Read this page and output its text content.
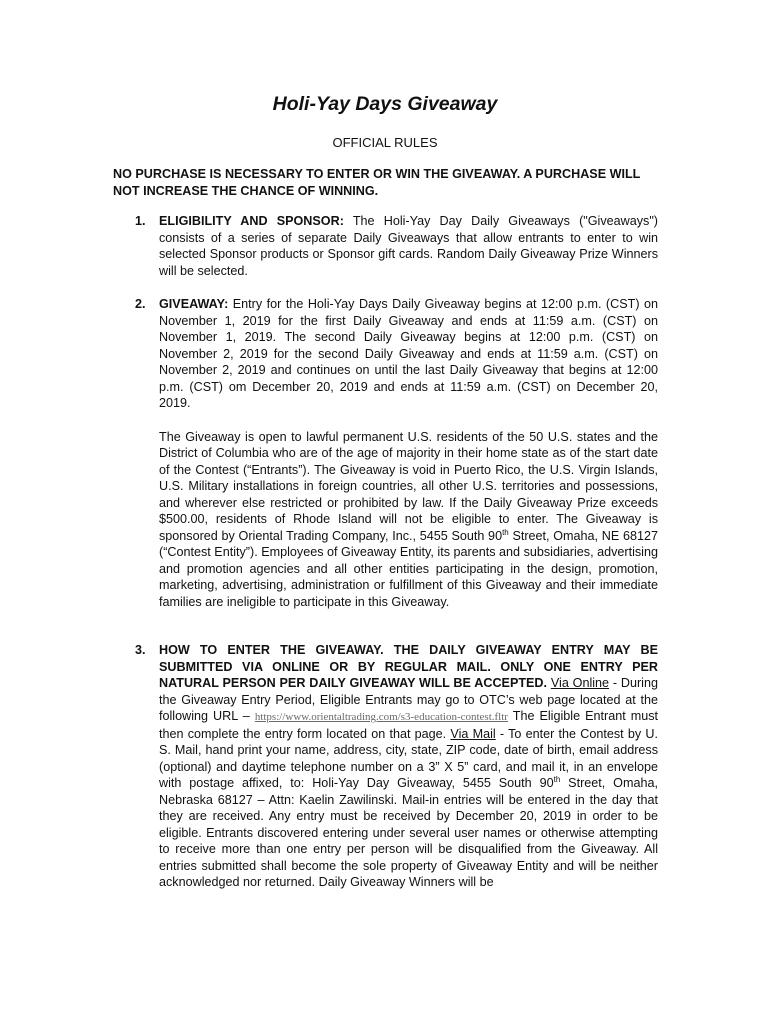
Holi-Yay Days Giveaway
OFFICIAL RULES
NO PURCHASE IS NECESSARY TO ENTER OR WIN THE GIVEAWAY. A PURCHASE WILL NOT INCREASE THE CHANCE OF WINNING.
1. ELIGIBILITY AND SPONSOR: The Holi-Yay Day Daily Giveaways ("Giveaways") consists of a series of separate Daily Giveaways that allow entrants to enter to win selected Sponsor products or Sponsor gift cards. Random Daily Giveaway Prize Winners will be selected.

2. GIVEAWAY: Entry for the Holi-Yay Days Daily Giveaway begins at 12:00 p.m. (CST) on November 1, 2019 for the first Daily Giveaway and ends at 11:59 a.m. (CST) on November 1, 2019. The second Daily Giveaway begins at 12:00 p.m. (CST) on November 2, 2019 for the second Daily Giveaway and ends at 11:59 a.m. (CST) on November 2, 2019 and continues on until the last Daily Giveaway that begins at 12:00 p.m. (CST) om December 20, 2019 and ends at 11:59 a.m. (CST) on December 20, 2019.

The Giveaway is open to lawful permanent U.S. residents of the 50 U.S. states and the District of Columbia who are of the age of majority in their home state as of the start date of the Contest (“Entrants”). The Giveaway is void in Puerto Rico, the U.S. Virgin Islands, U.S. Military installations in foreign countries, all other U.S. territories and possessions, and wherever else restricted or prohibited by law. If the Daily Giveaway Prize exceeds $500.00, residents of Rhode Island will not be eligible to enter. The Giveaway is sponsored by Oriental Trading Company, Inc., 5455 South 90th Street, Omaha, NE 68127 (“Contest Entity”). Employees of Giveaway Entity, its parents and subsidiaries, advertising and promotion agencies and all other entities participating in the design, promotion, marketing, advertising, administration or fulfillment of this Giveaway and their immediate families are ineligible to participate in this Giveaway.

3. HOW TO ENTER THE GIVEAWAY. THE DAILY GIVEAWAY ENTRY MAY BE SUBMITTED VIA ONLINE OR BY REGULAR MAIL. ONLY ONE ENTRY PER NATURAL PERSON PER DAILY GIVEAWAY WILL BE ACCEPTED. Via Online - During the Giveaway Entry Period, Eligible Entrants may go to OTC’s web page located at the following URL – https://www.orientaltrading.com/s3-education-contest.fltr The Eligible Entrant must then complete the entry form located on that page. Via Mail - To enter the Contest by U. S. Mail, hand print your name, address, city, state, ZIP code, date of birth, email address (optional) and daytime telephone number on a 3” X 5” card, and mail it, in an envelope with postage affixed, to: Holi-Yay Day Giveaway, 5455 South 90th Street, Omaha, Nebraska 68127 – Attn: Kaelin Zawilinski. Mail-in entries will be entered in the day that they are received. Any entry must be received by December 20, 2019 in order to be eligible. Entrants discovered entering under several user names or otherwise attempting to receive more than one entry per person will be disqualified from the Giveaway. All entries submitted shall become the sole property of Giveaway Entity and will be neither acknowledged nor returned. Daily Giveaway Winners will be
